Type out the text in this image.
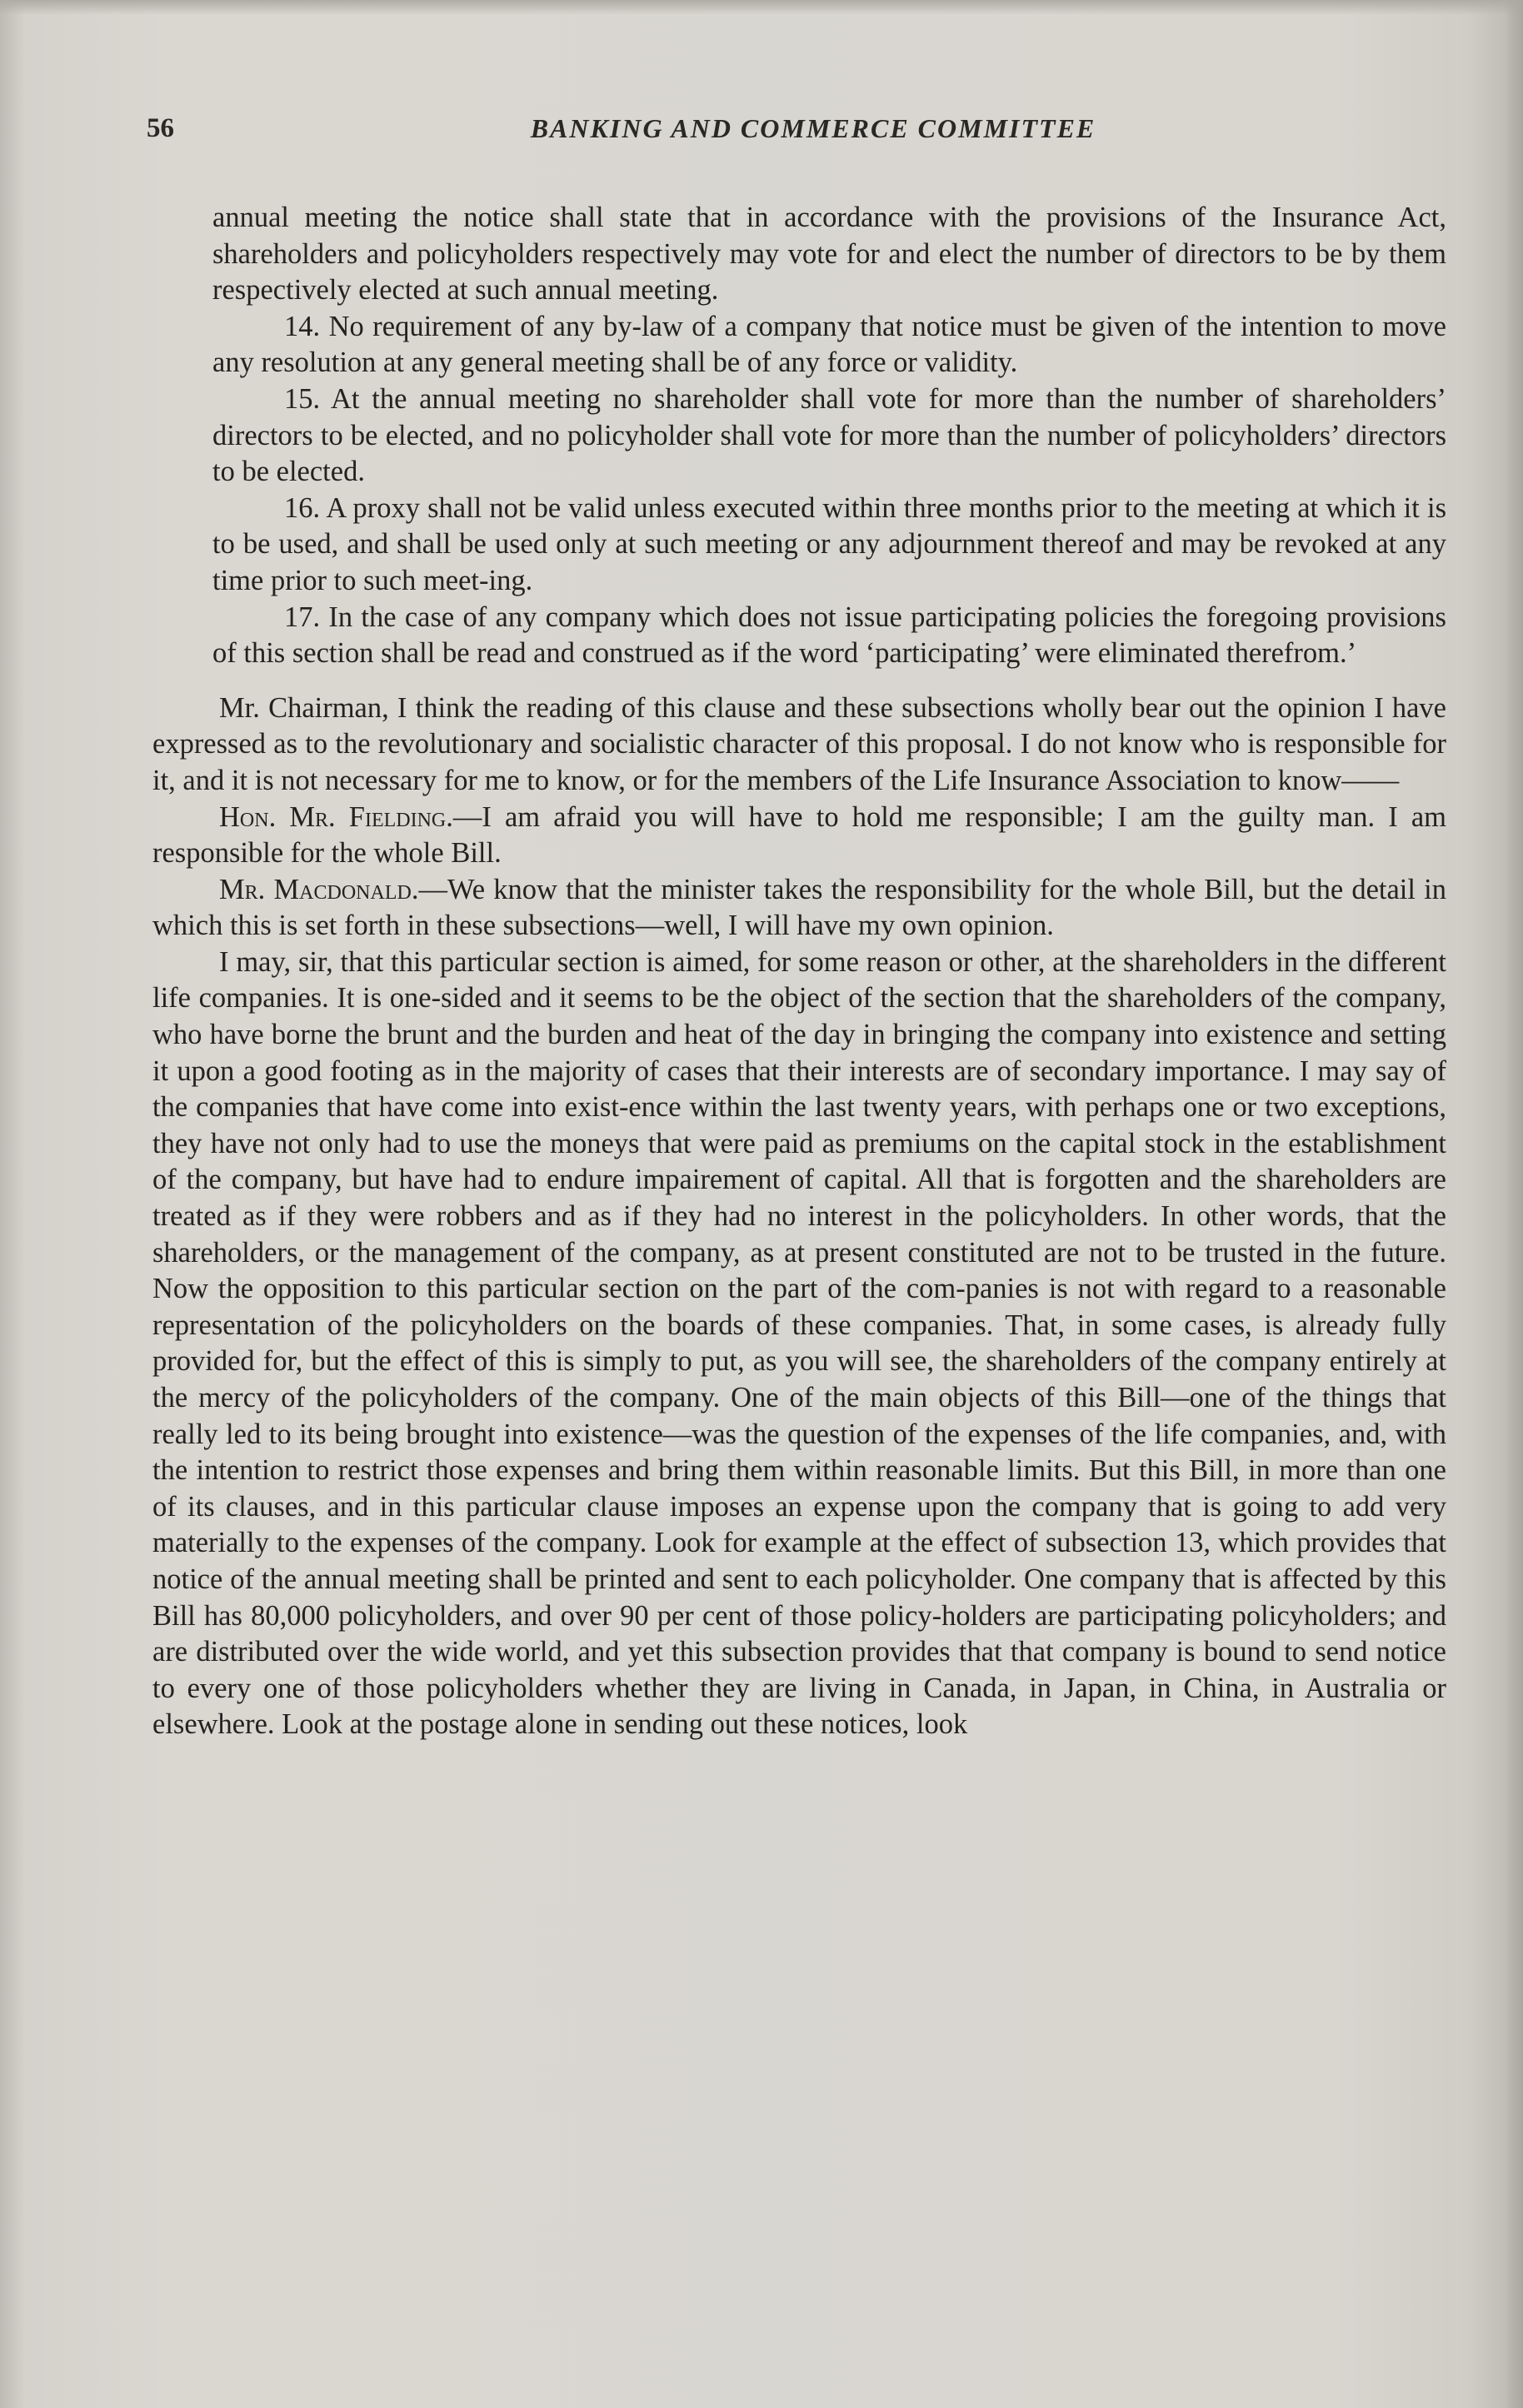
56	BANKING AND COMMERCE COMMITTEE

annual meeting the notice shall state that in accordance with the provisions of the Insurance Act, shareholders and policyholders respectively may vote for and elect the number of directors to be by them respectively elected at such annual meeting.

14. No requirement of any by-law of a company that notice must be given of the intention to move any resolution at any general meeting shall be of any force or validity.

15. At the annual meeting no shareholder shall vote for more than the number of shareholders’ directors to be elected, and no policyholder shall vote for more than the number of policyholders’ directors to be elected.

16. A proxy shall not be valid unless executed within three months prior to the meeting at which it is to be used, and shall be used only at such meeting or any adjournment thereof and may be revoked at any time prior to such meet-ing.

17. In the case of any company which does not issue participating policies the foregoing provisions of this section shall be read and construed as if the word ‘participating’ were eliminated therefrom.’

Mr. Chairman, I think the reading of this clause and these subsections wholly bear out the opinion I have expressed as to the revolutionary and socialistic character of this proposal. I do not know who is responsible for it, and it is not necessary for me to know, or for the members of the Life Insurance Association to know——

Hon. Mr. Fielding.—I am afraid you will have to hold me responsible; I am the guilty man. I am responsible for the whole Bill.

Mr. Macdonald.—We know that the minister takes the responsibility for the whole Bill, but the detail in which this is set forth in these subsections—well, I will have my own opinion.

I may, sir, that this particular section is aimed, for some reason or other, at the shareholders in the different life companies. It is one-sided and it seems to be the object of the section that the shareholders of the company, who have borne the brunt and the burden and heat of the day in bringing the company into existence and setting it upon a good footing as in the majority of cases that their interests are of secondary importance. I may say of the companies that have come into exist-ence within the last twenty years, with perhaps one or two exceptions, they have not only had to use the moneys that were paid as premiums on the capital stock in the establishment of the company, but have had to endure impairement of capital. All that is forgotten and the shareholders are treated as if they were robbers and as if they had no interest in the policyholders. In other words, that the shareholders, or the management of the company, as at present constituted are not to be trusted in the future. Now the opposition to this particular section on the part of the com-panies is not with regard to a reasonable representation of the policyholders on the boards of these companies. That, in some cases, is already fully provided for, but the effect of this is simply to put, as you will see, the shareholders of the company entirely at the mercy of the policyholders of the company. One of the main objects of this Bill—one of the things that really led to its being brought into existence—was the question of the expenses of the life companies, and, with the intention to restrict those expenses and bring them within reasonable limits. But this Bill, in more than one of its clauses, and in this particular clause imposes an expense upon the company that is going to add very materially to the expenses of the company. Look for example at the effect of subsection 13, which provides that notice of the annual meeting shall be printed and sent to each policyholder. One company that is affected by this Bill has 80,000 policyholders, and over 90 per cent of those policy-holders are participating policyholders; and are distributed over the wide world, and yet this subsection provides that that company is bound to send notice to every one of those policyholders whether they are living in Canada, in Japan, in China, in Australia or elsewhere. Look at the postage alone in sending out these notices, look
